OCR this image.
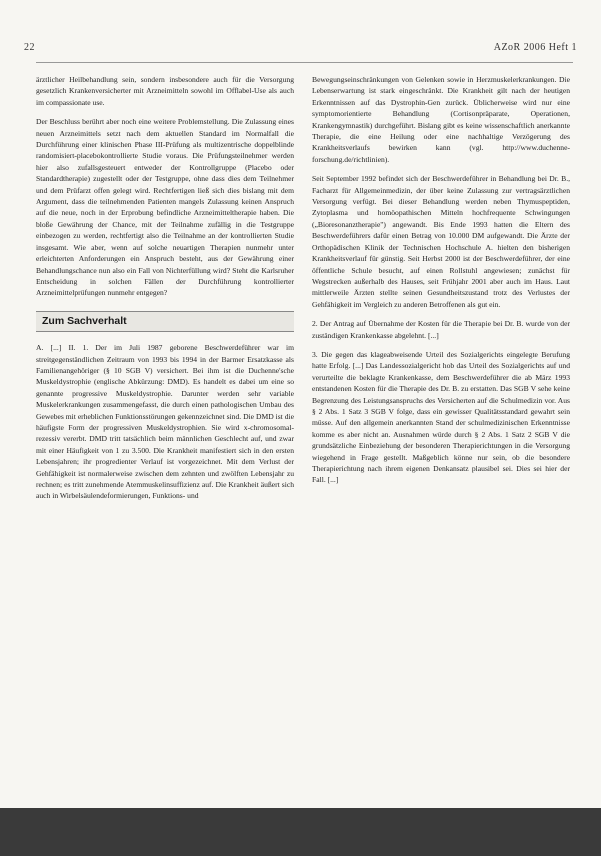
22	AZoR 2006 Heft 1

ärztlicher Heilbehandlung sein, sondern insbesondere auch für die Versorgung gesetzlich Krankenversicherter mit Arzneimitteln sowohl im Offlabel-Use als auch im compassionate use.

Der Beschluss berührt aber noch eine weitere Problemstellung. Die Zulassung eines neuen Arzneimittels setzt nach dem aktuellen Standard im Normalfall die Durchführung einer klinischen Phase III-Prüfung als multizentrische doppelblinde randomisiert-placebokontrollierte Studie voraus. Die Prüfungsteilnehmer werden hier also zufallsgesteuert entweder der Kontrollgruppe (Placebo oder Standardtherapie) zugestellt oder der Testgruppe, ohne dass dies dem Teilnehmer und dem Prüfarzt offen gelegt wird. Rechtfertigen ließ sich dies bislang mit dem Argument, dass die teilnehmenden Patienten mangels Zulassung keinen Anspruch auf die neue, noch in der Erprobung befindliche Arzneimitteltherapie haben. Die bloße Gewährung der Chance, mit der Teilnahme zufällig in die Testgruppe einbezogen zu werden, rechtfertigt also die Teilnahme an der kontrollierten Studie insgesamt. Wie aber, wenn auf solche neuartigen Therapien nunmehr unter erleichterten Anforderungen ein Anspruch besteht, aus der Gewährung einer Behandlungschance nun also ein Fall von Nichterfüllung wird? Steht die Karlsruher Entscheidung in solchen Fällen der Durchführung kontrollierter Arzneimittelprüfungen nunmehr entgegen?

Zum Sachverhalt

A. [...] II. 1. Der im Juli 1987 geborene Beschwerdeführer war im streitgegenständlichen Zeitraum von 1993 bis 1994 in der Barmer Ersatzkasse als Familienangehöriger (§ 10 SGB V) versichert. Bei ihm ist die Duchenne'sche Muskeldystrophie (englische Abkürzung: DMD). Es handelt es dabei um eine so genannte progressive Muskeldystrophie. Darunter werden sehr variable Muskelerkrankungen zusammengefasst, die durch einen pathologischen Umbau des Gewebes mit erheblichen Funktionsstörungen gekennzeichnet sind. Die DMD ist die häufigste Form der progressiven Muskeldystrophien. Sie wird x-chromosomal-rezessiv vererbt. DMD tritt tatsächlich beim männlichen Geschlecht auf, und zwar mit einer Häufigkeit von 1 zu 3.500. Die Krankheit manifestiert sich in den ersten Lebensjahren; ihr progredienter Verlauf ist vorgezeichnet. Mit dem Verlust der Gehfähigkeit ist normalerweise zwischen dem zehnten und zwölften Lebensjahr zu rechnen; es tritt zunehmende Atemmuskelinsuffizienz auf. Die Krankheit äußert sich auch in Wirbelsäulendeformierungen, Funktions- und

Bewegungseinschränkungen von Gelenken sowie in Herzmuskelerkrankungen. Die Lebenserwartung ist stark eingeschränkt. Die Krankheit gilt nach der heutigen Erkenntnissen auf das Dystrophin-Gen zurück. Üblicherweise wird nur eine symptomorientierte Behandlung (Cortisonpräparate, Operationen, Krankengymnastik) durchgeführt. Bislang gibt es keine wissenschaftlich anerkannte Therapie, die eine Heilung oder eine nachhaltige Verzögerung des Krankheitsverlaufs bewirken kann (vgl. http://www.duchenne-forschung.de/richtlinien).

Seit September 1992 befindet sich der Beschwerdeführer in Behandlung bei Dr. B., Facharzt für Allgemeinmedizin, der über keine Zulassung zur vertragsärztlichen Versorgung verfügt. Bei dieser Behandlung werden neben Thymuspeptiden, Zytoplasma und homöopathischen Mitteln hochfrequente Schwingungen („Bioresonanztherapie") angewandt. Bis Ende 1993 hatten die Eltern des Beschwerdeführers dafür einen Betrag von 10.000 DM aufgewandt. Die Ärzte der Orthopädischen Klinik der Technischen Hochschule A. hielten den bisherigen Krankheitsverlauf für günstig. Seit Herbst 2000 ist der Beschwerdeführer, der eine öffentliche Schule besucht, auf einen Rollstuhl angewiesen; zunächst für Wegstrecken außerhalb des Hauses, seit Frühjahr 2001 aber auch im Haus. Laut mittlerweile Ärzten stellte seinen Gesundheitszustand trotz des Verlustes der Gehfähigkeit im Vergleich zu anderen Betroffenen als gut ein.

2. Der Antrag auf Übernahme der Kosten für die Therapie bei Dr. B. wurde von der zuständigen Krankenkasse abgelehnt. [...]

3. Die gegen das klageabweisende Urteil des Sozialgerichts eingelegte Berufung hatte Erfolg. [...] Das Landessozialgericht hob das Urteil des Sozialgerichts auf und verurteilte die beklagte Krankenkasse, dem Beschwerdeführer die ab März 1993 entstandenen Kosten für die Therapie des Dr. B. zu erstatten. Das SGB V sehe keine Begrenzung des Leistungsanspruchs des Versicherten auf die Schulmedizin vor. Aus § 2 Abs. 1 Satz 3 SGB V folge, dass ein gewisser Qualitätsstandard gewahrt sein müsse. Auf den allgemein anerkannten Stand der schulmedizinischen Erkenntnisse komme es aber nicht an. Ausnahmen würde durch § 2 Abs. 1 Satz 2 SGB V die grundsätzliche Einbeziehung der besonderen Therapierichtungen in die Versorgung wiegehend in Frage gestellt. Maßgeblich könne nur sein, ob die besondere Therapierichtung nach ihrem eigenen Denkansatz plausibel sei. Dies sei hier der Fall. [...]
